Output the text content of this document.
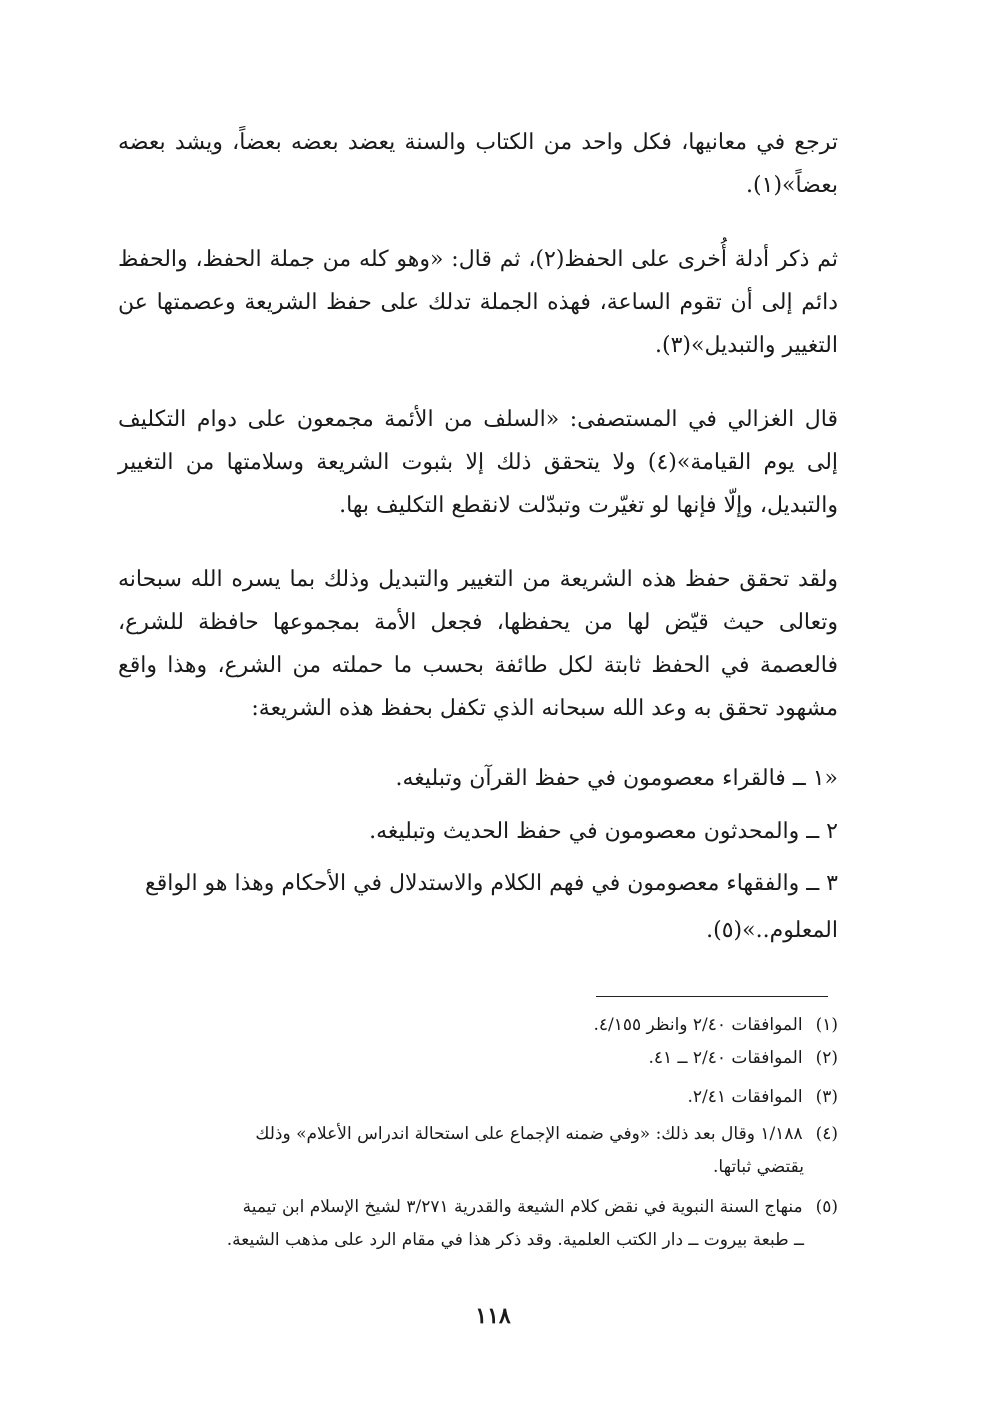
ترجع في معانيها، فكل واحد من الكتاب والسنة يعضد بعضه بعضاً، ويشد بعضه بعضاً»(١).

ثم ذكر أدلة أُخرى على الحفظ(٢)، ثم قال: «وهو كله من جملة الحفظ، والحفظ دائم إلى أن تقوم الساعة، فهذه الجملة تدلك على حفظ الشريعة وعصمتها عن التغيير والتبديل»(٣).

قال الغزالي في المستصفى: «السلف من الأئمة مجمعون على دوام التكليف إلى يوم القيامة»(٤) ولا يتحقق ذلك إلا بثبوت الشريعة وسلامتها من التغيير والتبديل، وإلّا فإنها لو تغيّرت وتبدّلت لانقطع التكليف بها.

ولقد تحقق حفظ هذه الشريعة من التغيير والتبديل وذلك بما يسره الله سبحانه وتعالى حيث قيّض لها من يحفظها، فجعل الأمة بمجموعها حافظة للشرع، فالعصمة في الحفظ ثابتة لكل طائفة بحسب ما حملته من الشرع، وهذا واقع مشهود تحقق به وعد الله سبحانه الذي تكفل بحفظ هذه الشريعة:

«١ ــ فالقراء معصومون في حفظ القرآن وتبليغه.

٢ ــ والمحدثون معصومون في حفظ الحديث وتبليغه.

٣ ــ والفقهاء معصومون في فهم الكلام والاستدلال في الأحكام وهذا هو الواقع المعلوم..»(٥).

(١) الموافقات ٢/٤٠ وانظر ٤/١٥٥.

(٢) الموافقات ٢/٤٠ ــ ٤١.

(٣) الموافقات ٢/٤١.

(٤) ١/١٨٨ وقال بعد ذلك: «وفي ضمنه الإجماع على استحالة اندراس الأعلام» وذلك
يقتضي ثباتها.

(٥) منهاج السنة النبوية في نقض كلام الشيعة والقدرية ٣/٢٧١ لشيخ الإسلام ابن تيمية
ــ طبعة بيروت ــ دار الكتب العلمية. وقد ذكر هذا في مقام الرد على مذهب الشيعة.

١١٨
